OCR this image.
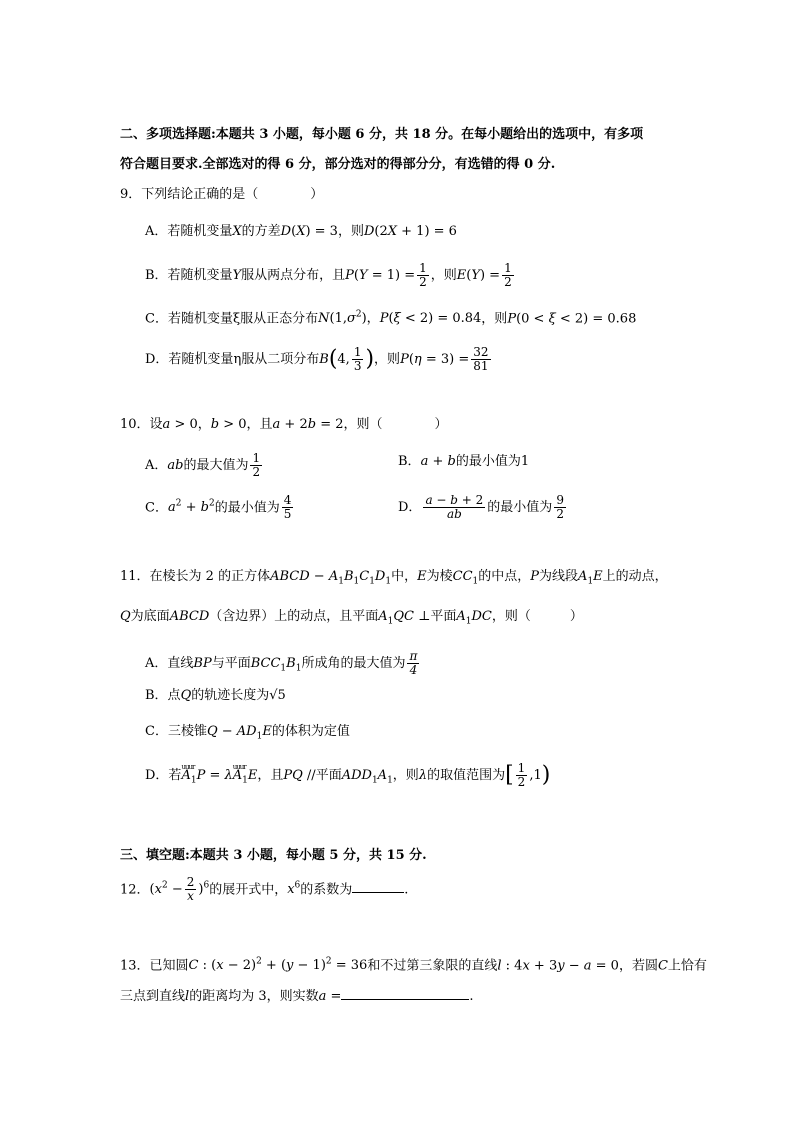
二、多项选择题:本题共 3 小题，每小题 6 分，共 18 分。在每小题给出的选项中，有多项
符合题目要求.全部选对的得 6 分，部分选对的得部分分，有选错的得 0 分.
9．下列结论正确的是（　　　　）
A．若随机变量X的方差D(X) = 3，则D(2X + 1) = 6
B．若随机变量Y服从两点分布，且$P(Y = 1) = \frac{1}{2}$ ，则$E(Y) = \frac{1}{2}$
C．若随机变量ξ服从正态分布$N(1,\sigma^2)$，P(ξ < 2) = 0.84，则P(0 < ξ < 2) = 0.68
D．若随机变量η服从二项分布B(4, $\frac{1}{3}$ )，则$P(\eta = 3) = \frac{32}{81}$
10．设a > 0，b > 0，且a + 2b = 2，则（　　　　）
A．ab的最大值为 $\frac{1}{2}$	B．a + b的最小值为1
C．$a^2 + b^2$的最小值为 $\frac{4}{5}$	D． $\frac{a - b + 2}{ab}$ 的最小值为 $\frac{9}{2}$
11．在棱长为 2 的正方体ABCD − $A_1B_1C_1D_1$中，E为棱$CC_1$的中点，P为线段$A_1E$上的动点，
Q为底面ABCD（含边界）上的动点，且平面$A_1QC$ ⊥平面$A_1DC$，则（　　　）
A．直线BP与平面$BCC_1B_1$所成角的最大值为 $\frac{\pi}{4}$
B．点Q的轨迹长度为√5
C．三棱锥$Q - AD_1E$的体积为定值
D．若uuur $A_1P$ = λuuur $A_1E$，且PQ //平面$ADD_1A_1$，则λ的取值范围为[ $\frac{1}{2} ,1$)
三、填空题:本题共 3 小题，每小题 5 分，共 15 分.
12．$(x^2 - \frac{2}{x} )^6$的展开式中，$x^6$的系数为	.
13．已知圆C : $(x - 2)^2 + (y - 1)^2 = 36$和不过第三象限的直线l : 4x + 3y − a = 0，若圆C上恰有
三点到直线l的距离均为 3，则实数a =	.
